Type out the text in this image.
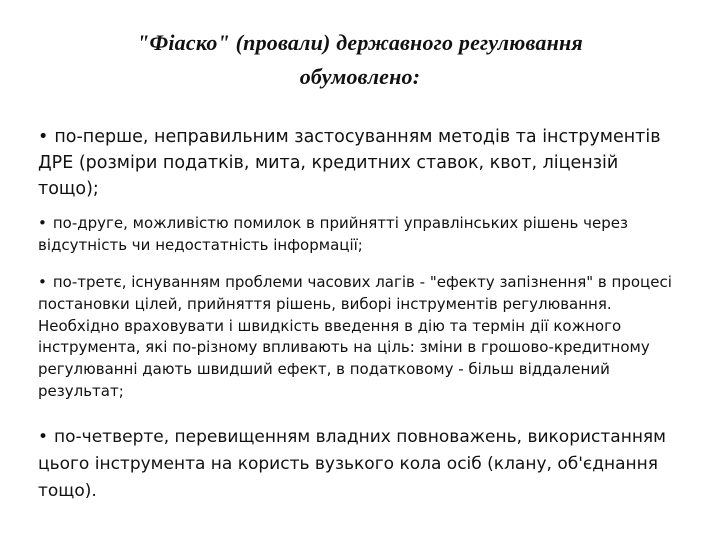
"Фіаско" (провали) державного регулювання
обумовлено:

• по-перше, неправильним застосуванням методів та інструментів ДРЕ (розміри податків, мита, кредитних ставок, квот, ліцензій тощо);

• по-друге, можливістю помилок в прийнятті управлінських рішень через відсутність чи недостатність інформації;

• по-третє, існуванням проблеми часових лагів - "ефекту запізнення" в процесі постановки цілей, прийняття рішень, виборі інструментів регулювання. Необхідно враховувати і швидкість введення в дію та термін дії кожного інструмента, які по-різному впливають на ціль: зміни в грошово-кредитному регулюванні дають швидший ефект, в податковому - більш віддалений результат;

• по-четверте, перевищенням владних повноважень, використанням цього інструмента на користь вузького кола осіб (клану, об'єднання тощо).
